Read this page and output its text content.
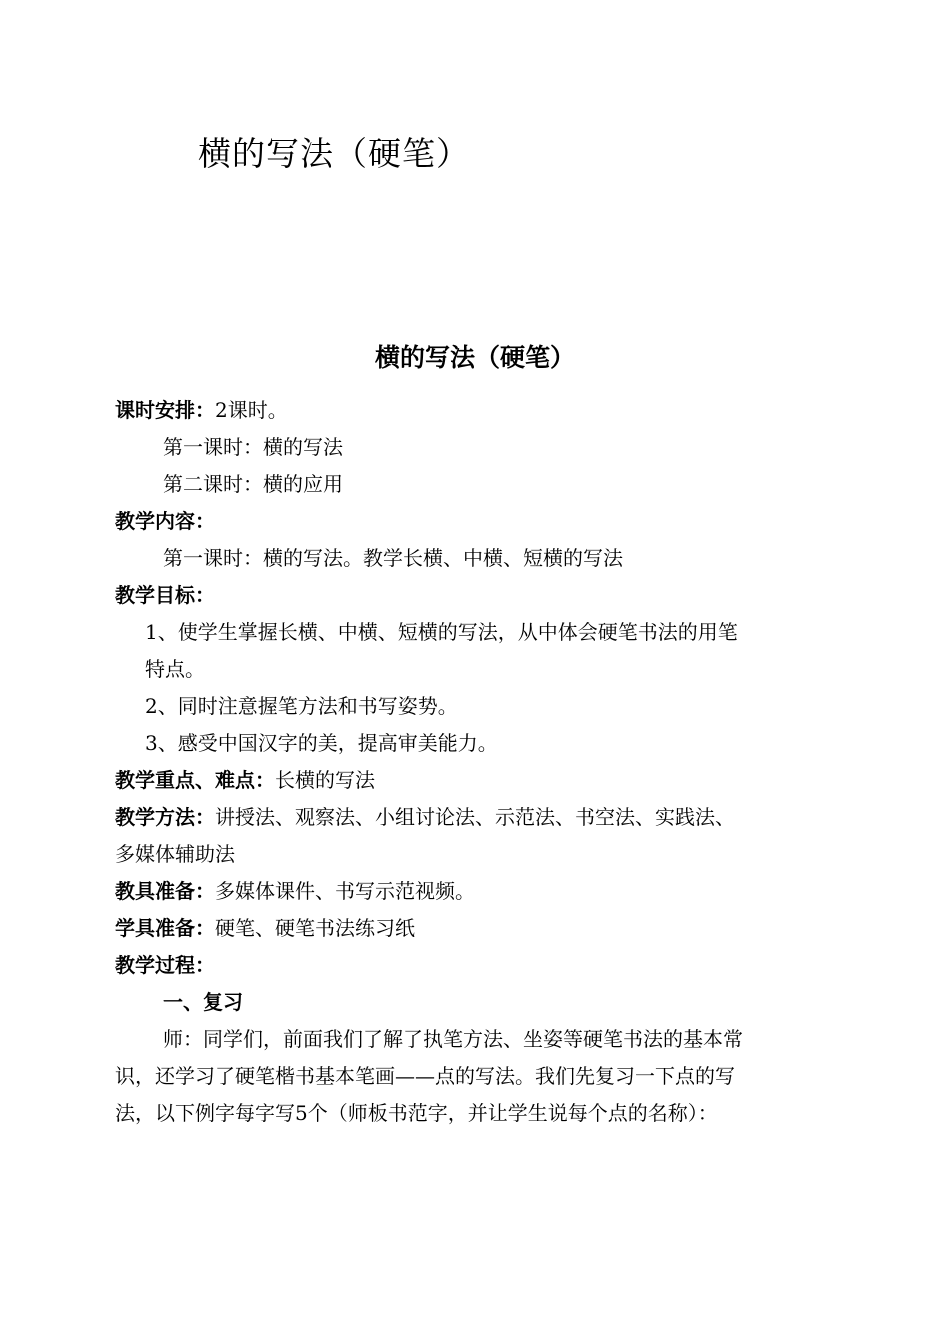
横的写法（硬笔）
横的写法（硬笔）
课时安排：2课时。
第一课时：横的写法
第二课时：横的应用
教学内容：
第一课时：横的写法。教学长横、中横、短横的写法
教学目标：
1、使学生掌握长横、中横、短横的写法，从中体会硬笔书法的用笔
特点。
2、同时注意握笔方法和书写姿势。
3、感受中国汉字的美，提高审美能力。
教学重点、难点：长横的写法
教学方法：讲授法、观察法、小组讨论法、示范法、书空法、实践法、
多媒体辅助法
教具准备：多媒体课件、书写示范视频。
学具准备：硬笔、硬笔书法练习纸
教学过程：
一、复习
师：同学们，前面我们了解了执笔方法、坐姿等硬笔书法的基本常
识，还学习了硬笔楷书基本笔画——点的写法。我们先复习一下点的写
法，以下例字每字写5个（师板书范字，并让学生说每个点的名称）：
